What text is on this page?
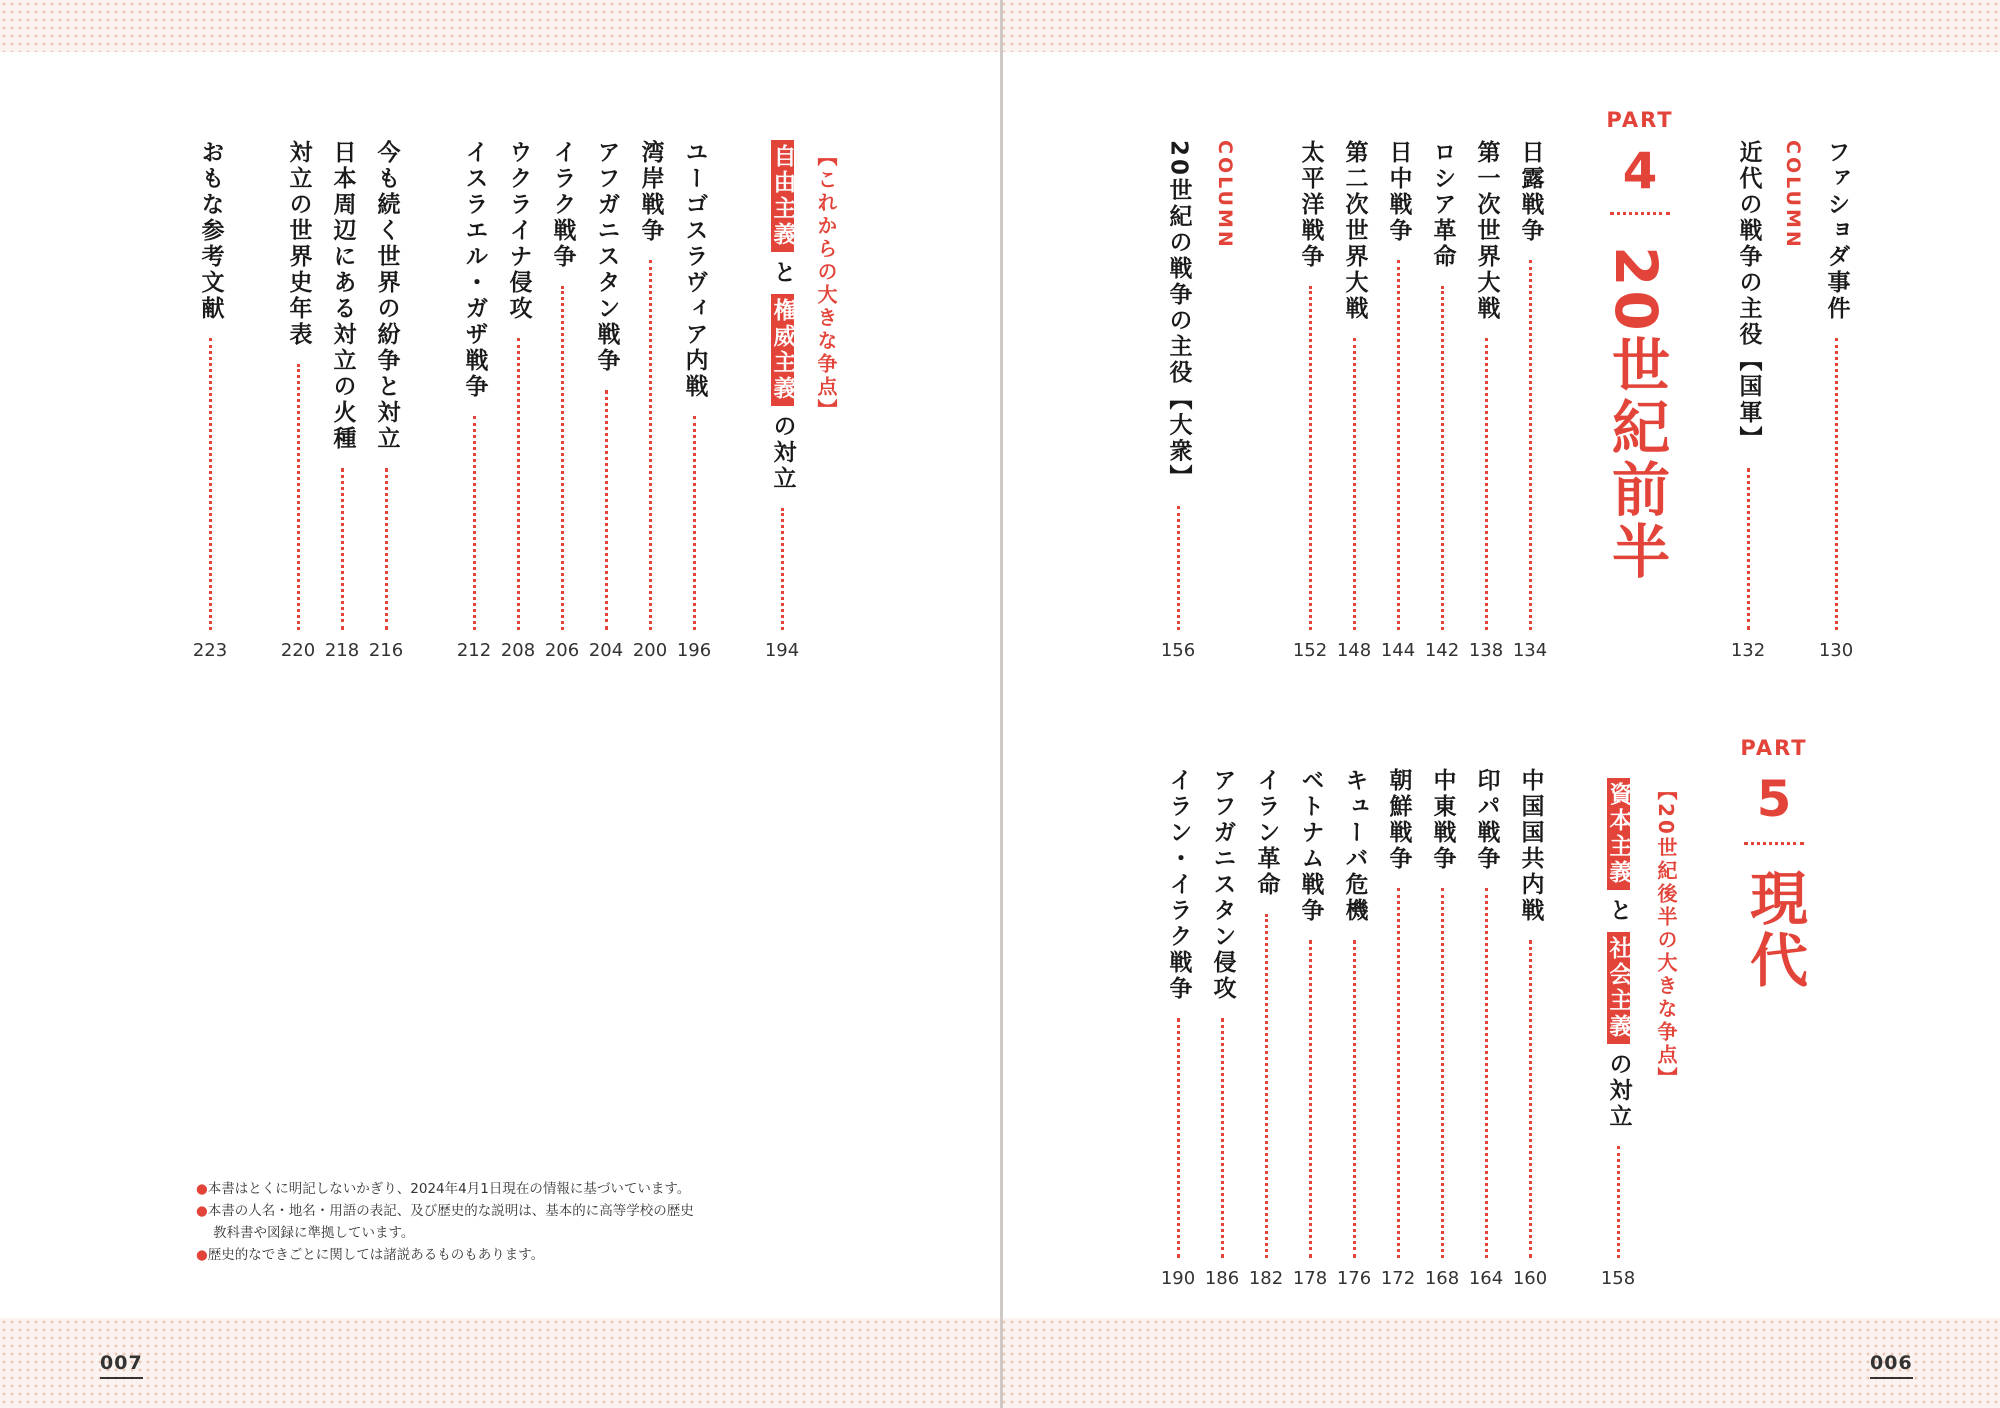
007	006
ファショダ事件
130
COLUMN
近代の戦争の主役【国軍】
132
PART
4
20世紀前半
日露戦争
134
第一次世界大戦
138
ロシア革命
142
日中戦争
144
第二次世界大戦
148
太平洋戦争
152
COLUMN
20世紀の戦争の主役【大衆】
156
PART
5
現代
【20世紀後半の大きな争点】
資本主義と社会主義の対立
158
中国国共内戦
160
印パ戦争
164
中東戦争
168
朝鮮戦争
172
キューバ危機
176
ベトナム戦争
178
イラン革命
182
アフガニスタン侵攻
186
イラン・イラク戦争
190
【これからの大きな争点】
自由主義と権威主義の対立
194
ユーゴスラヴィア内戦
196
湾岸戦争
200
アフガニスタン戦争
204
イラク戦争
206
ウクライナ侵攻
208
イスラエル・ガザ戦争
212
今も続く世界の紛争と対立
216
日本周辺にある対立の火種
218
対立の世界史年表
220
おもな参考文献
223

●本書はとくに明記しないかぎり、2024年4月1日現在の情報に基づいています。

●本書の人名・地名・用語の表記、及び歴史的な説明は、基本的に高等学校の歴史

教科書や図録に準拠しています。

●歴史的なできごとに関しては諸説あるものもあります。
